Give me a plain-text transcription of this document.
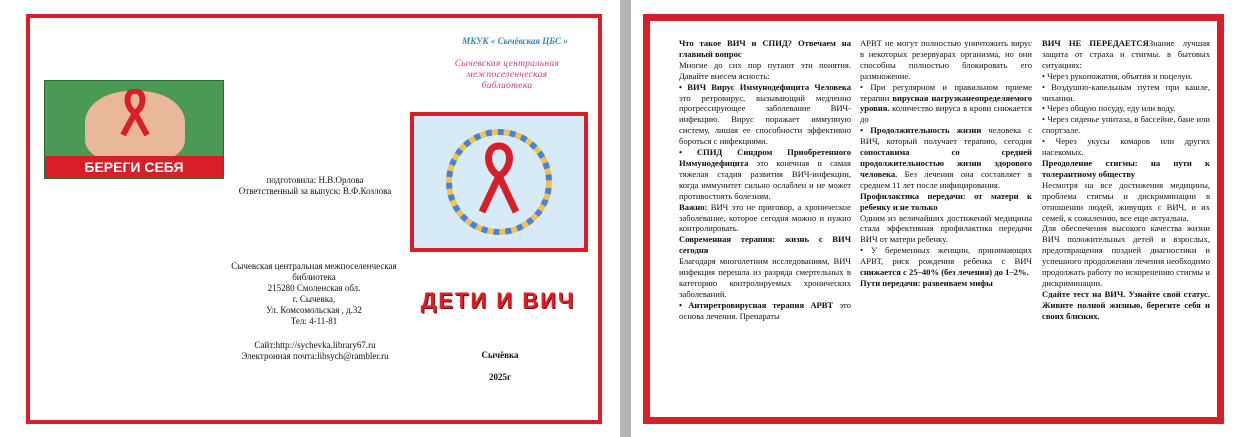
МКУК « Сычёвская ЦБС »
Сычевская центральная
межпоселенческая
библиотека
БЕРЕГИ СЕБЯ
подготовила: Н.В.Орлова
Ответственный за выпуск: В.Ф.Козлова
Сычевская центральная межпоселенческая
библиотека
215280 Смоленская обл.
г. Сычевка,
Ул. Комсомольская , д.32
Тел: 4-11-81
ДЕТИ И ВИЧ
Сайт:http://sychevka.library67.ru
Электронная почта:libsych@rambler.ru	Сычёвка
2025г

Что такое ВИЧ и СПИД? Отвечаем на главный вопрос

Многие до сих пор путают эти понятия. Давайте внесем ясность:

• ВИЧ Вирус Иммунодефицита Человека это ретровирус, вызывающий медленно прогрессирующее заболевание ВИЧ-инфекцию. Вирус поражает иммунную систему, лишая ее способности эффективно бороться с инфекциями.

• СПИД Синдром Приобретенного Иммунодефицита это конечная и самая тяжелая стадия развития ВИЧ-инфекции, когда иммунитет сильно ослаблен и не может противостоять болезням.

Важно: ВИЧ это не приговор, а хроническое заболевание, которое сегодня можно и нужно контролировать.

Современная терапия: жизнь с ВИЧ сегодня

Благодаря многолетним исследованиям, ВИЧ инфекция перешла из разряда смертельных в категорию контролируемых хронических заболеваний.

• Антиретровирусная терапия АРВТ это основа лечения. Препараты

АРВТ не могут полностью уничтожить вирус в некоторых резервуарах организма, но они способны полностью блокировать его размножение.

• При регулярном и правильном приеме терапии вирусная нагрузканеопределяемого уровня. количество вируса в крови снижается до

• Продолжительность жизни человека с ВИЧ, который получает терапию, сегодня сопоставима со средней продолжительностью жизни здорового человека. Без лечения она составляет в среднем 11 лет после инфицирования.

Профилактика передачи: от матери к ребенку и не только

Одним из величайших достижений медицины стала эффективная профилактика передачи ВИЧ от матери ребенку.

• У беременных женщин, принимающих АРВТ, риск рождения ребенка с ВИЧ снижается с 25–40% (без лечения) до 1–2%.

Пути передачи: развеиваем мифы

ВИЧ НЕ ПЕРЕДАЕТСЯЗнание лучшая защита от страха и стигмы. в бытовых ситуациях:

• Через рукопожатия, объятия и поцелуи.

• Воздушно-капельным путем при кашле, чихании.

• Через общую посуду, еду или воду.

• Через сиденье унитаза, в бассейне, бане или спортзале.

• Через укусы комаров или других насекомых.

Преодоление стигмы: на пути к толерантному обществу

Несмотря на все достижения медицины, проблема стигмы и дискриминации в отношении людей, живущих с ВИЧ, и их семей, к сожалению, все еще актуальна.

Для обеспечения высокого качества жизни ВИЧ положительных детей и взрослых, предотвращения поздней диагностики и успешного продолжения лечения необходимо продолжать работу по искоренению стигмы и дискриминации.

Сдайте тест на ВИЧ. Узнайте свой статус. Живите полной жизнью, берегите себя и своих близких.
